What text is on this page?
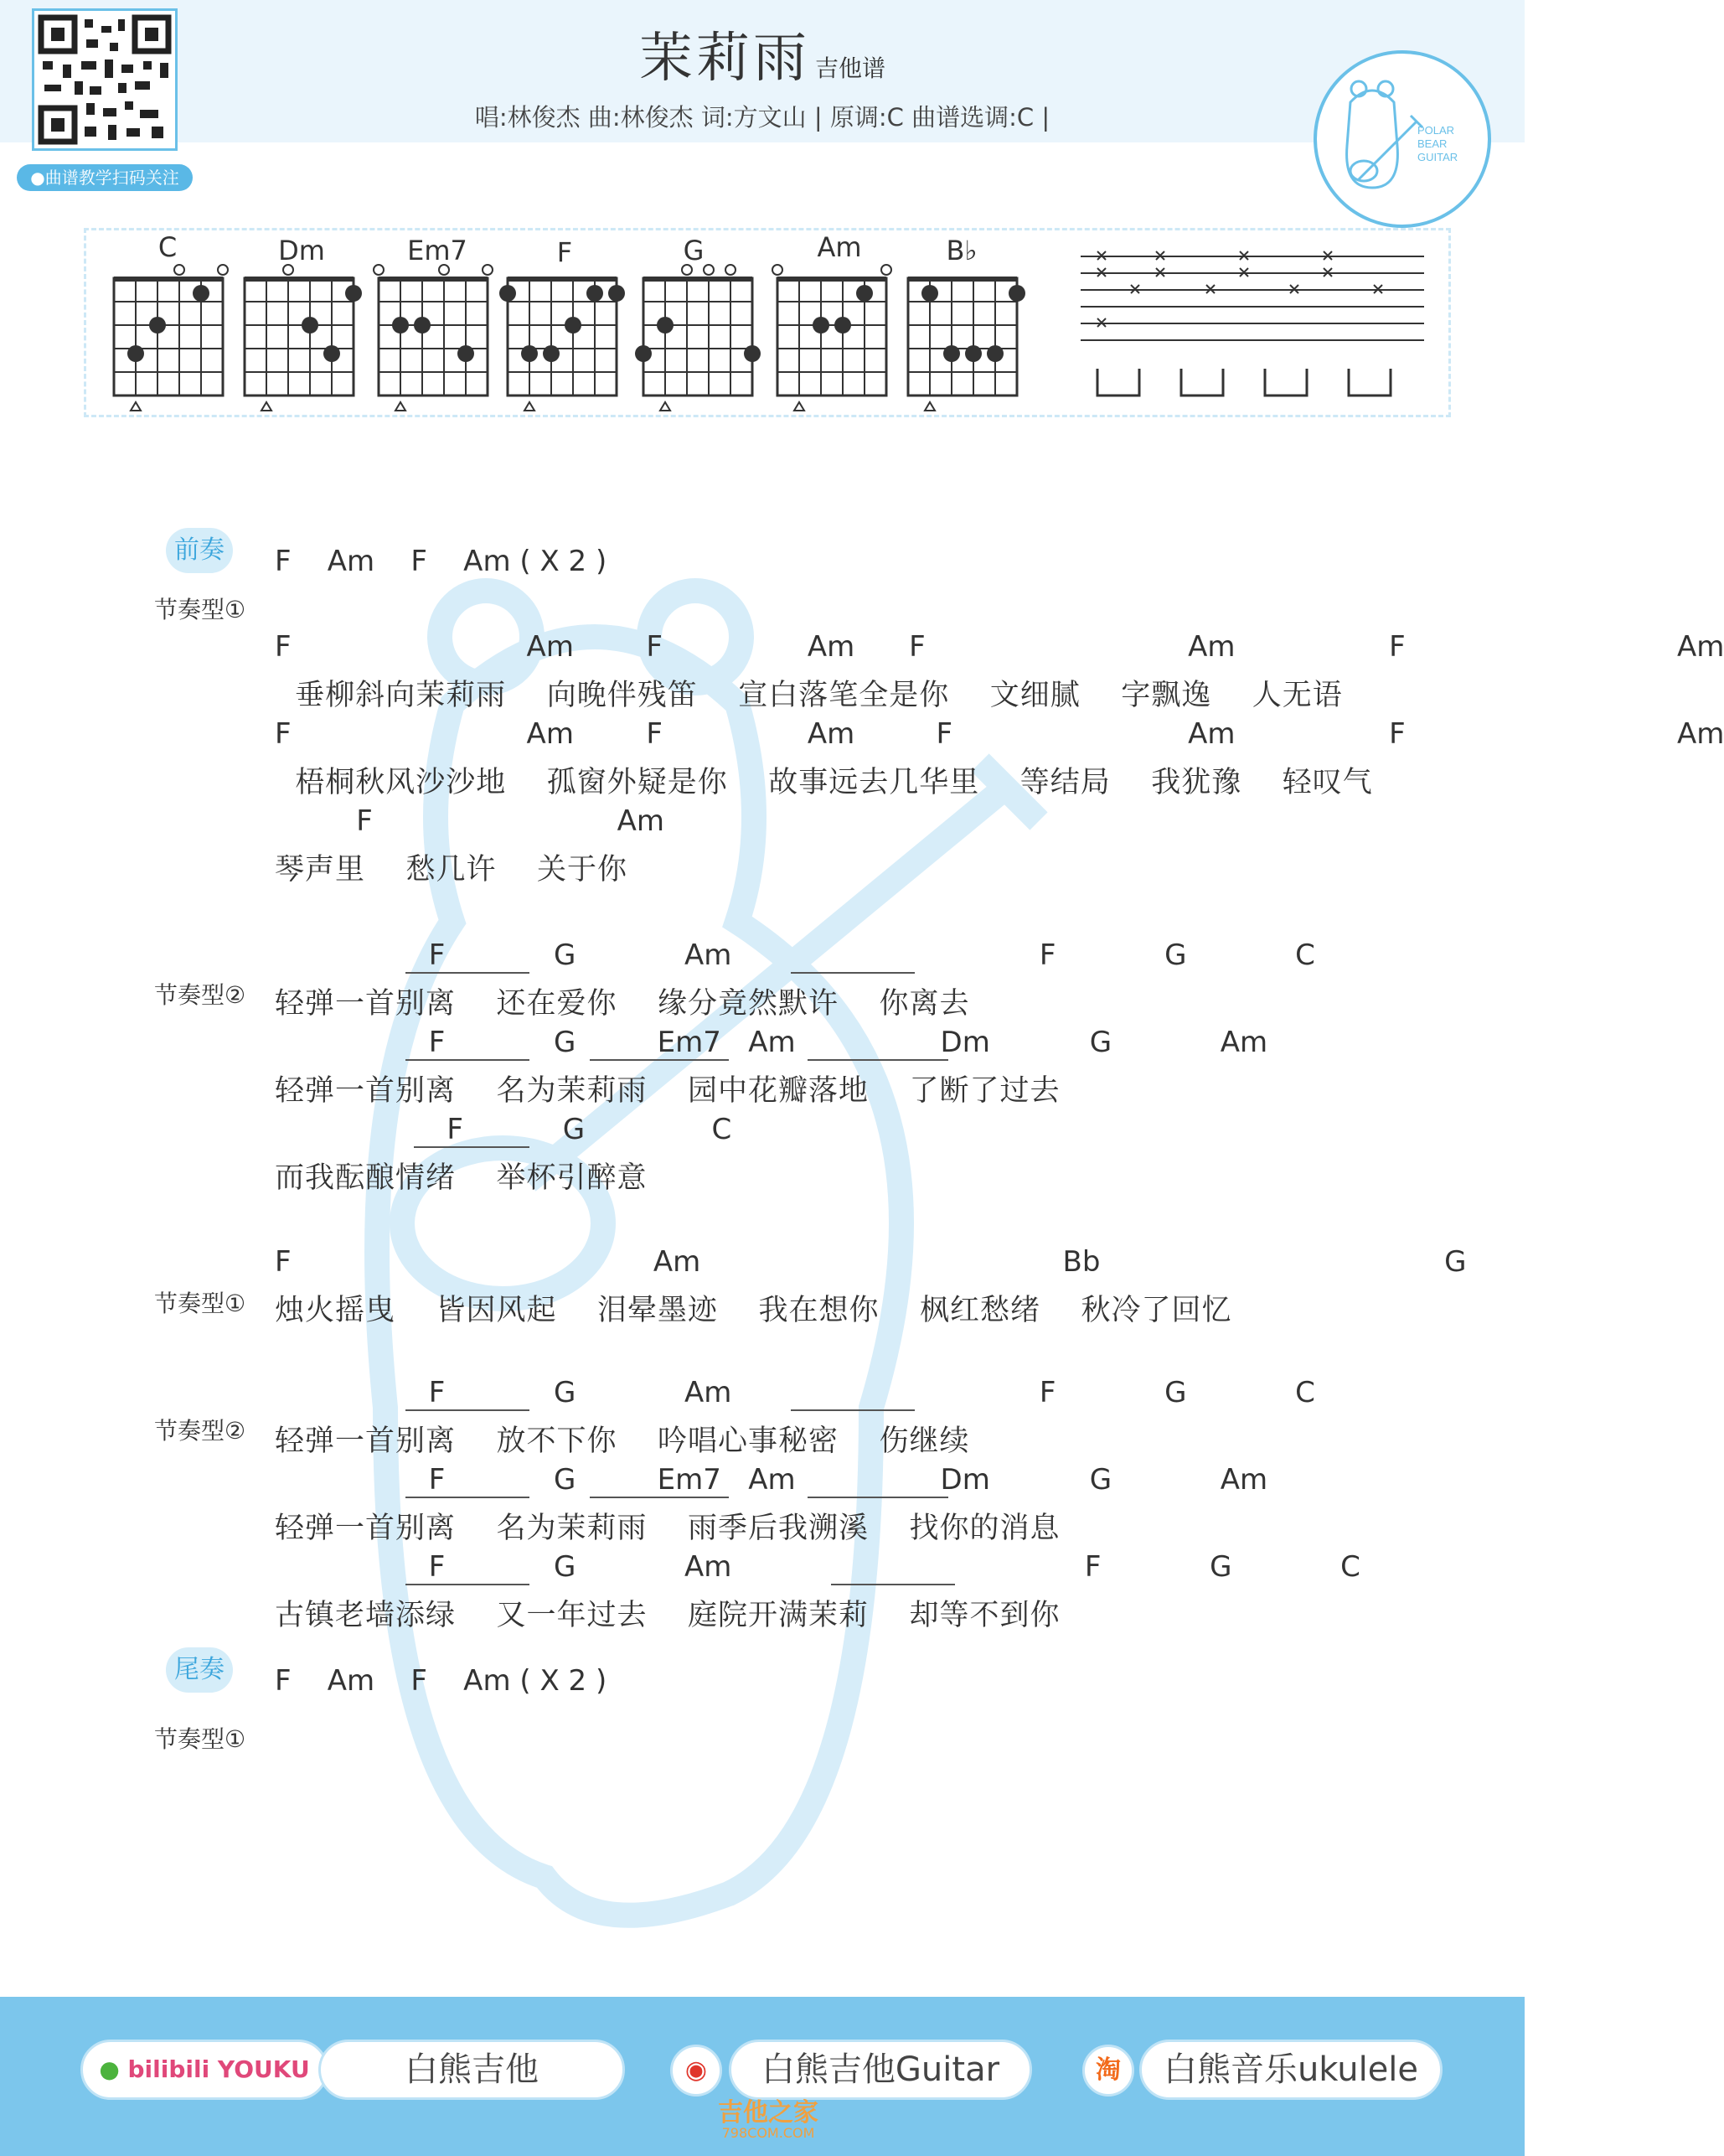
●曲谱教学扫码关注
茉莉雨 吉他谱
唱:林俊杰 曲:林俊杰 词:方文山 | 原调:C 曲谱选调:C |	POLAR
BEAR
GUITAR
C	Dm	Em7	F	G	Am	B♭
前奏 F    Am    F    Am ( X 2 )
节奏型①
F                          Am        F                Am      F                             Am                 F                              Am
垂柳斜向茉莉雨    向晚伴残笛    宣白落笔全是你    文细腻    字飘逸    人无语
F                          Am        F                Am         F                          Am                 F                              Am
梧桐秋风沙沙地    孤窗外疑是你    故事远去几华里    等结局    我犹豫    轻叹气
F                           Am
琴声里    愁几许    关于你
节奏型②
F            G            Am                                  F            G            C
轻弹一首别离    还在爱你    缘分竟然默许    你离去
F            G         Em7   Am                Dm           G            Am
轻弹一首别离    名为茉莉雨    园中花瓣落地    了断了过去
F           G              C
而我酝酿情绪    举杯引醉意
节奏型①
F                                        Am                                        Bb                                      G
烛火摇曳    皆因风起    泪晕墨迹    我在想你    枫红愁绪    秋冷了回忆
节奏型②
F            G            Am                                  F            G            C
轻弹一首别离    放不下你    吟唱心事秘密    伤继续
F            G         Em7   Am                Dm           G            Am
轻弹一首别离    名为茉莉雨    雨季后我溯溪    找你的消息
F            G            Am                                       F            G            C
古镇老墙添绿    又一年过去    庭院开满茉莉    却等不到你
尾奏 F    Am    F    Am ( X 2 )
节奏型①
● bilibili YOUKU	白熊吉他	◉	白熊吉他Guitar	淘	白熊音乐ukulele
吉他之家
798COM.COM
